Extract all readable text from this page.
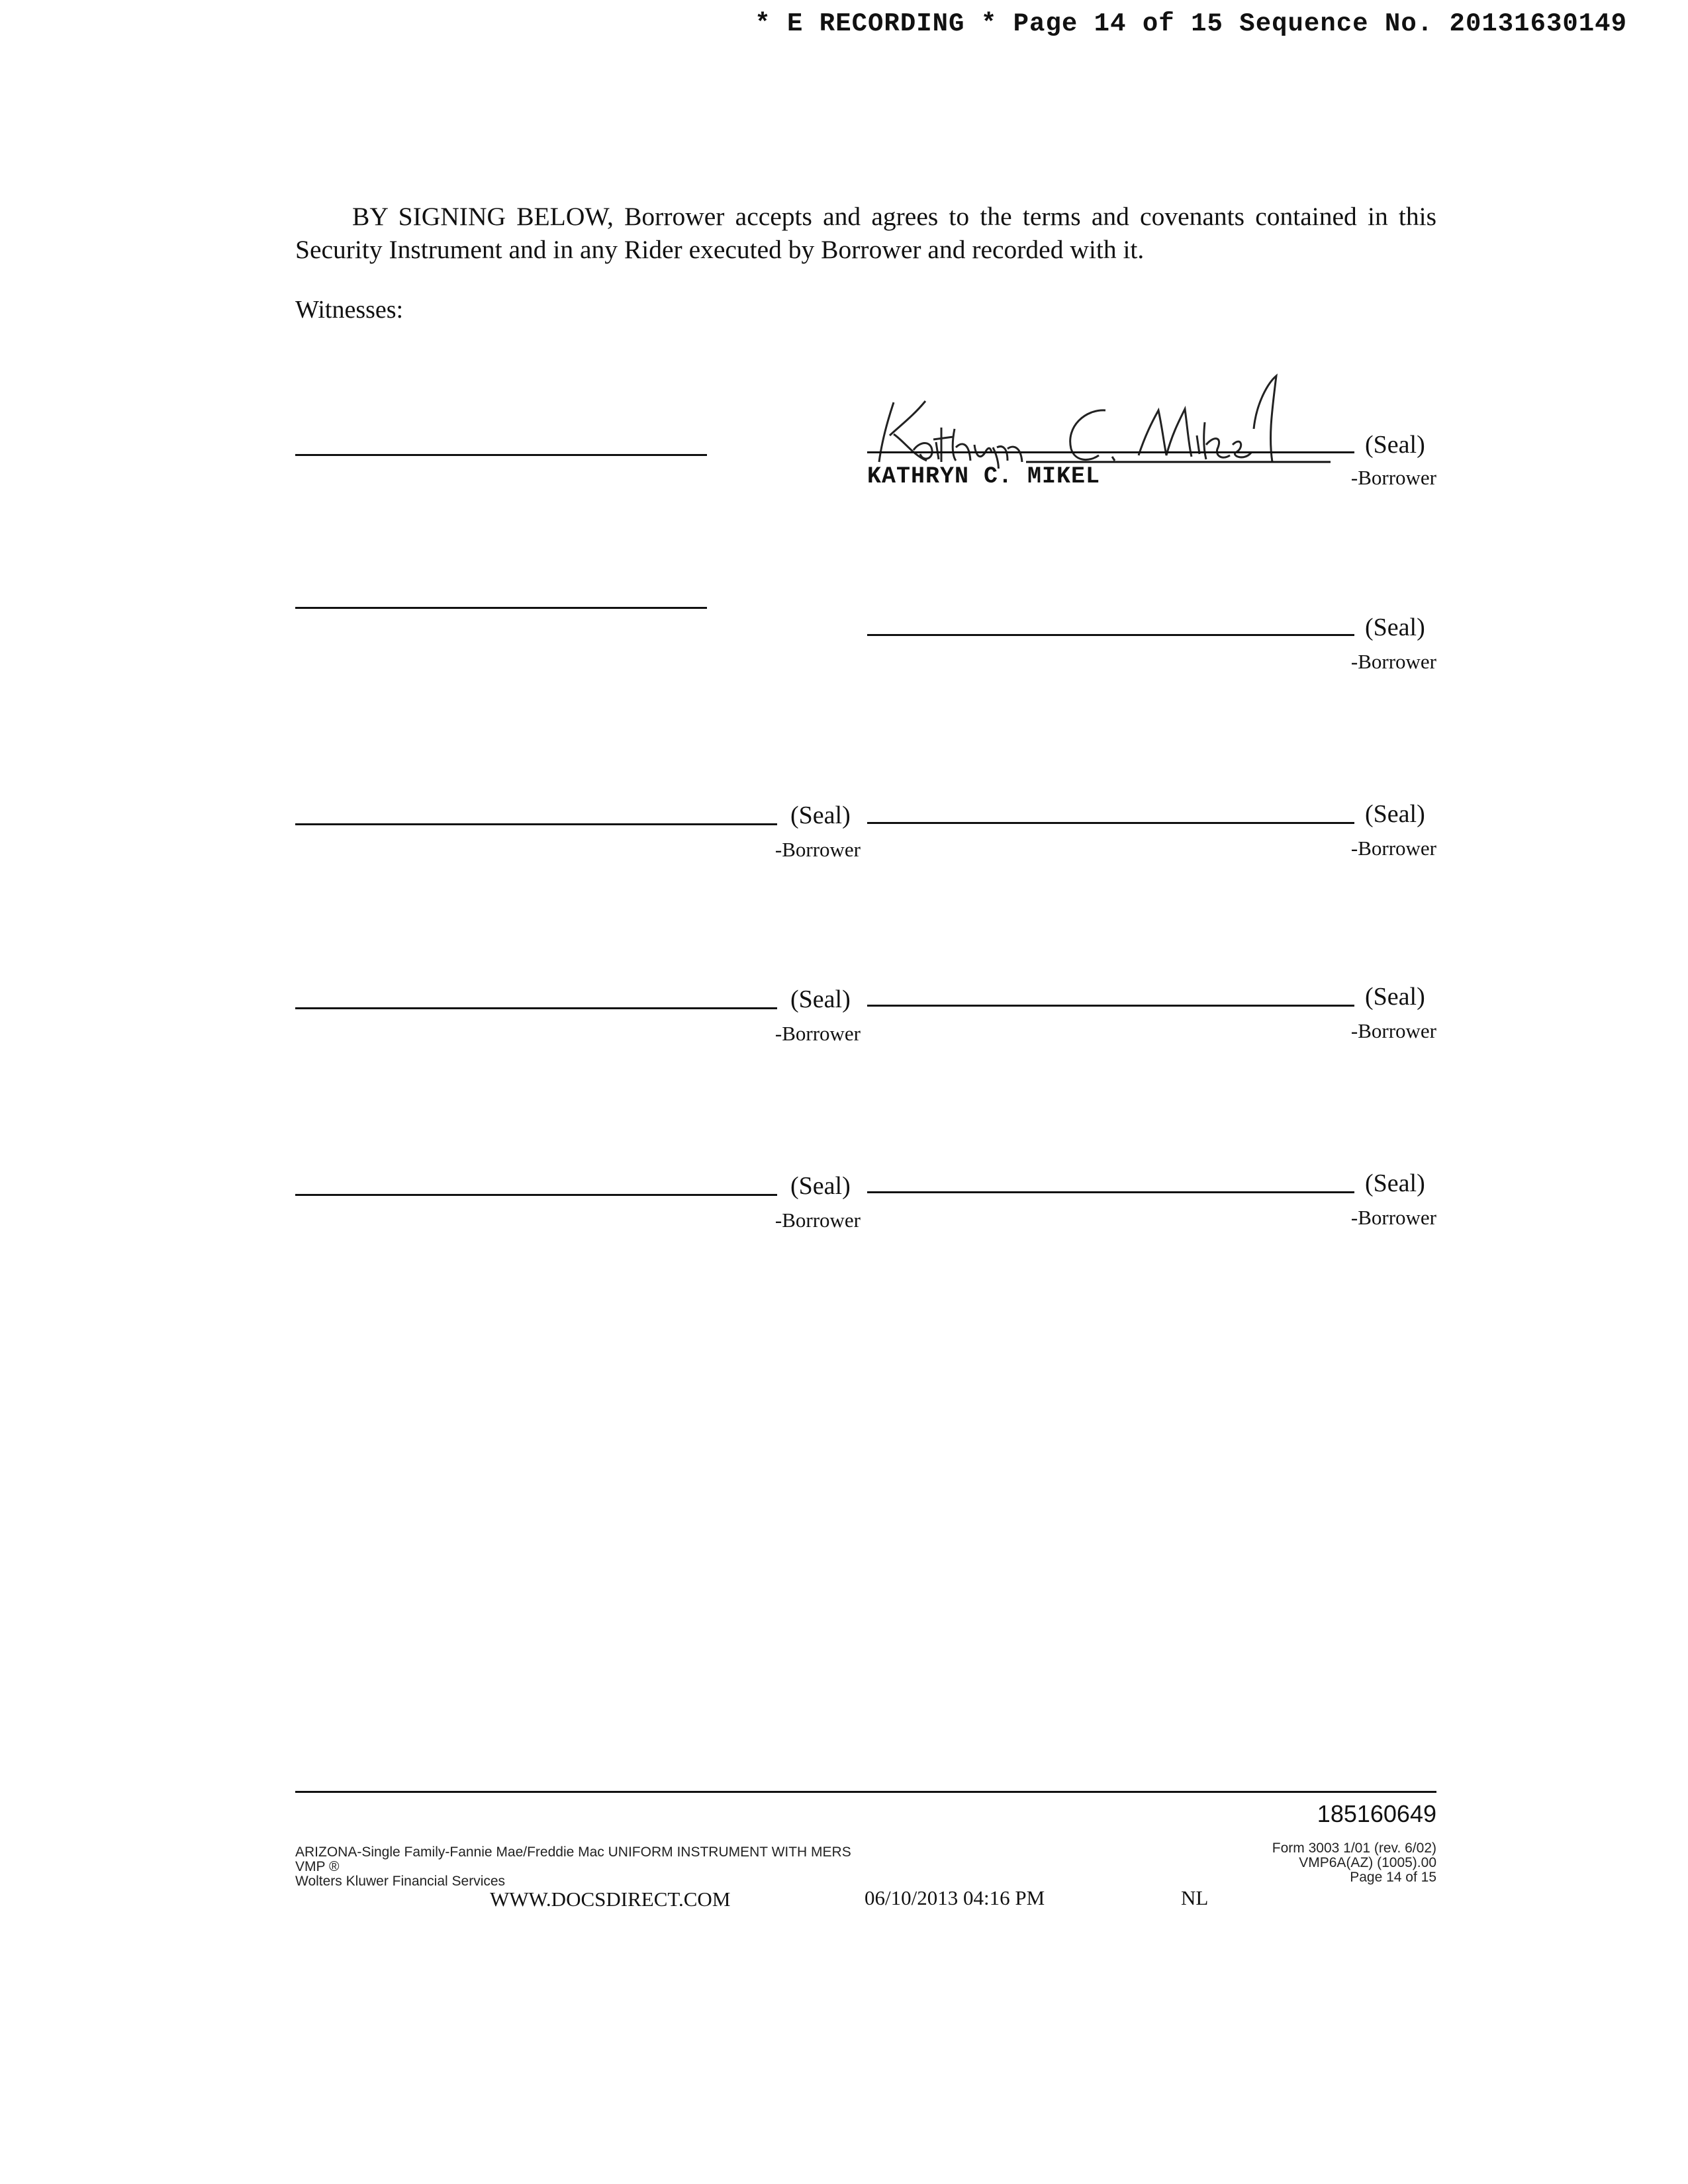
* E RECORDING * Page 14 of 15 Sequence No. 20131630149
BY SIGNING BELOW, Borrower accepts and agrees to the terms and covenants contained in this Security Instrument and in any Rider executed by Borrower and recorded with it.
Witnesses:
(Seal)
KATHRYN C. MIKEL	-Borrower
(Seal)
-Borrower
(Seal)
-Borrower
(Seal)
-Borrower
(Seal)
-Borrower
(Seal)
-Borrower
(Seal)
-Borrower
(Seal)
-Borrower
185160649
ARIZONA-Single Family-Fannie Mae/Freddie Mac UNIFORM INSTRUMENT WITH MERS
VMP ®
Wolters Kluwer Financial Services
Form 3003 1/01 (rev. 6/02)
VMP6A(AZ) (1005).00
Page 14 of 15
WWW.DOCSDIRECT.COM	06/10/2013 04:16 PM	NL
